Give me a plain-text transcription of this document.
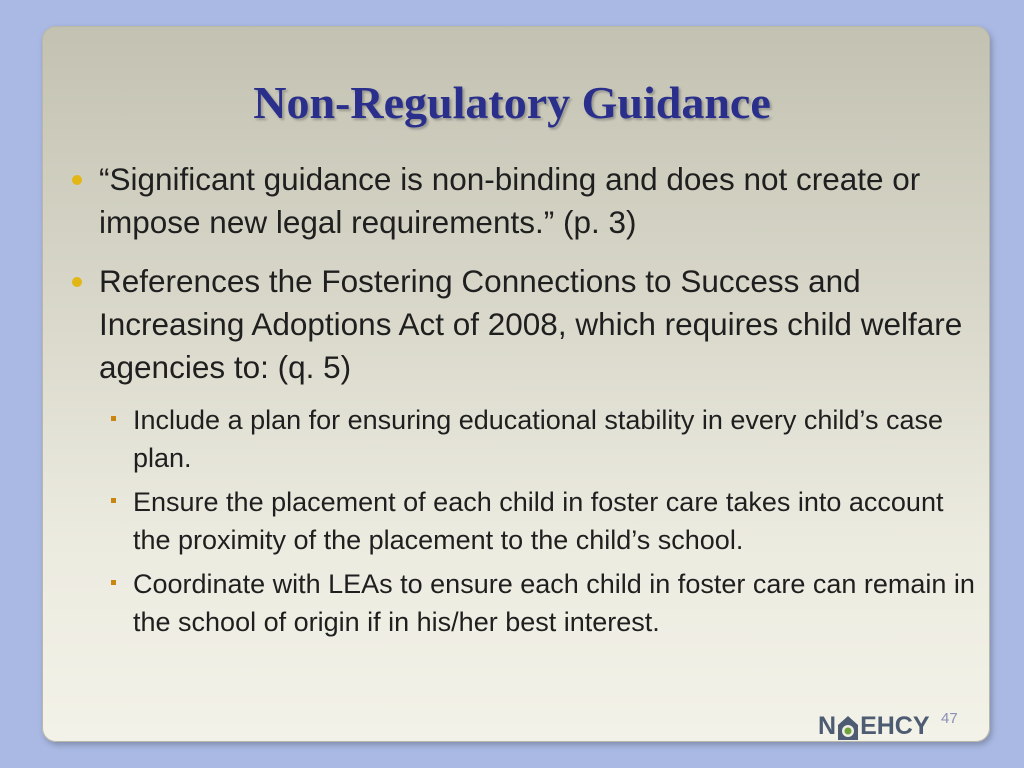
Non-Regulatory Guidance
“Significant guidance is non-binding and does not create or impose new legal requirements.” (p. 3)
References the Fostering Connections to Success and Increasing Adoptions Act of 2008, which requires child welfare agencies to: (q. 5)
Include a plan for ensuring educational stability in every child’s case plan.
Ensure the placement of each child in foster care takes into account the proximity of the placement to the child’s school.
Coordinate with LEAs to ensure each child in foster care can remain in the school of origin if in his/her best interest.
N EHCY 47
